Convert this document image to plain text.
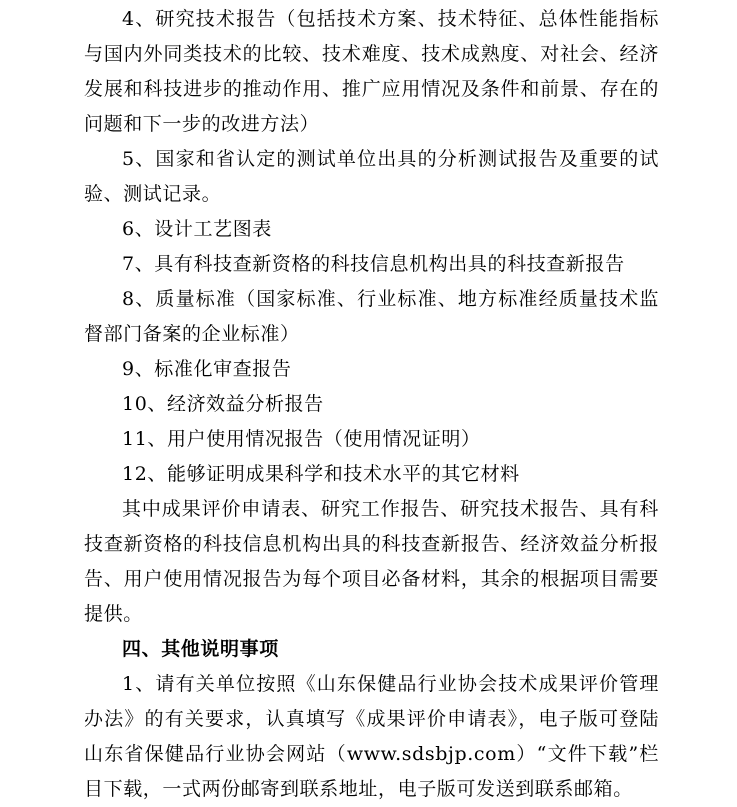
4、研究技术报告（包括技术方案、技术特征、总体性能指标与国内外同类技术的比较、技术难度、技术成熟度、对社会、经济发展和科技进步的推动作用、推广应用情况及条件和前景、存在的问题和下一步的改进方法）

5、国家和省认定的测试单位出具的分析测试报告及重要的试验、测试记录。

6、设计工艺图表

7、具有科技查新资格的科技信息机构出具的科技查新报告

8、质量标准（国家标准、行业标准、地方标准经质量技术监督部门备案的企业标准）

9、标准化审查报告

10、经济效益分析报告

11、用户使用情况报告（使用情况证明）

12、能够证明成果科学和技术水平的其它材料

其中成果评价申请表、研究工作报告、研究技术报告、具有科技查新资格的科技信息机构出具的科技查新报告、经济效益分析报告、用户使用情况报告为每个项目必备材料，其余的根据项目需要提供。

四、其他说明事项

1、请有关单位按照《山东保健品行业协会技术成果评价管理办法》的有关要求，认真填写《成果评价申请表》，电子版可登陆山东省保健品行业协会网站（www.sdsbjp.com）“文件下载”栏目下载，一式两份邮寄到联系地址，电子版可发送到联系邮箱。
